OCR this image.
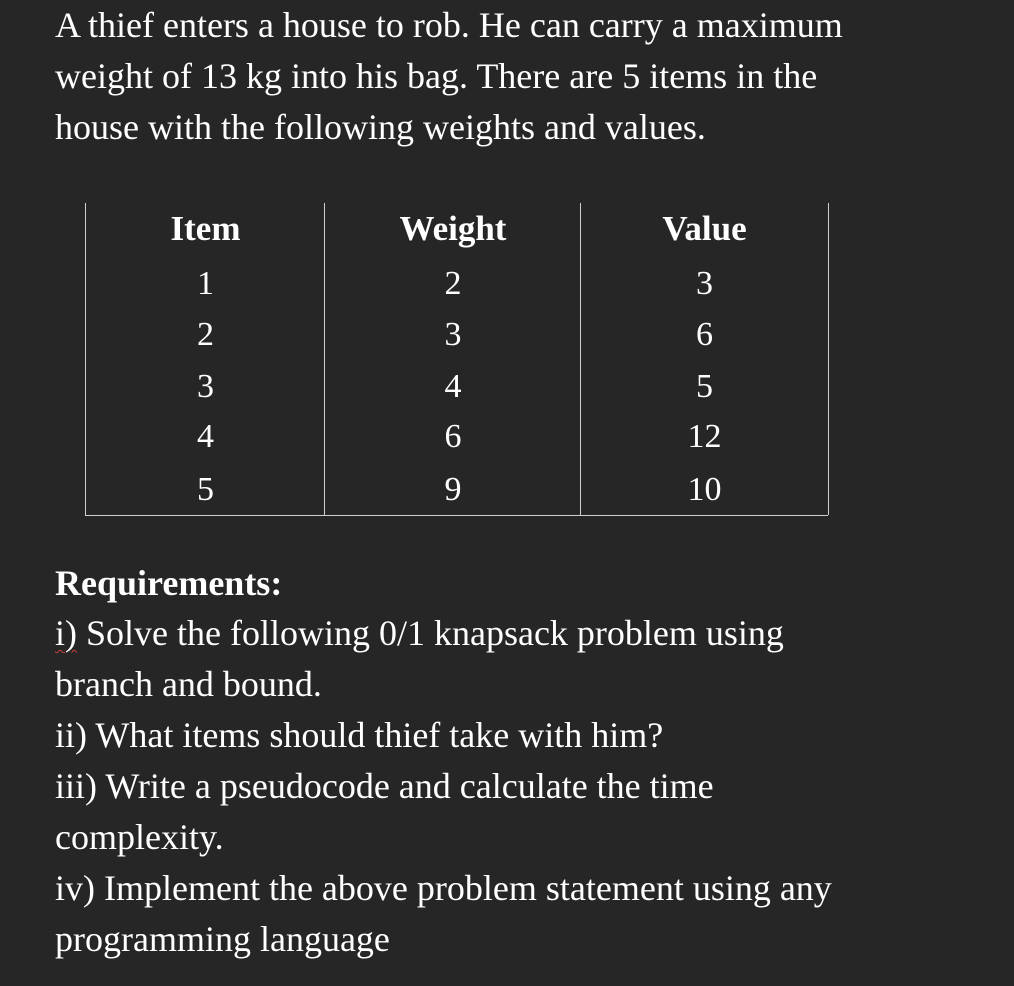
A thief enters a house to rob. He can carry a maximum
weight of 13 kg into his bag. There are 5 items in the
house with the following weights and values.
Item
1
2
3
4
5
Weight
2
3
4
6
9
Value
3
6
5
12
10
Requirements:
i) Solve the following 0/1 knapsack problem using
branch and bound.
ii) What items should thief take with him?
iii) Write a pseudocode and calculate the time
complexity.
iv) Implement the above problem statement using any
programming language
